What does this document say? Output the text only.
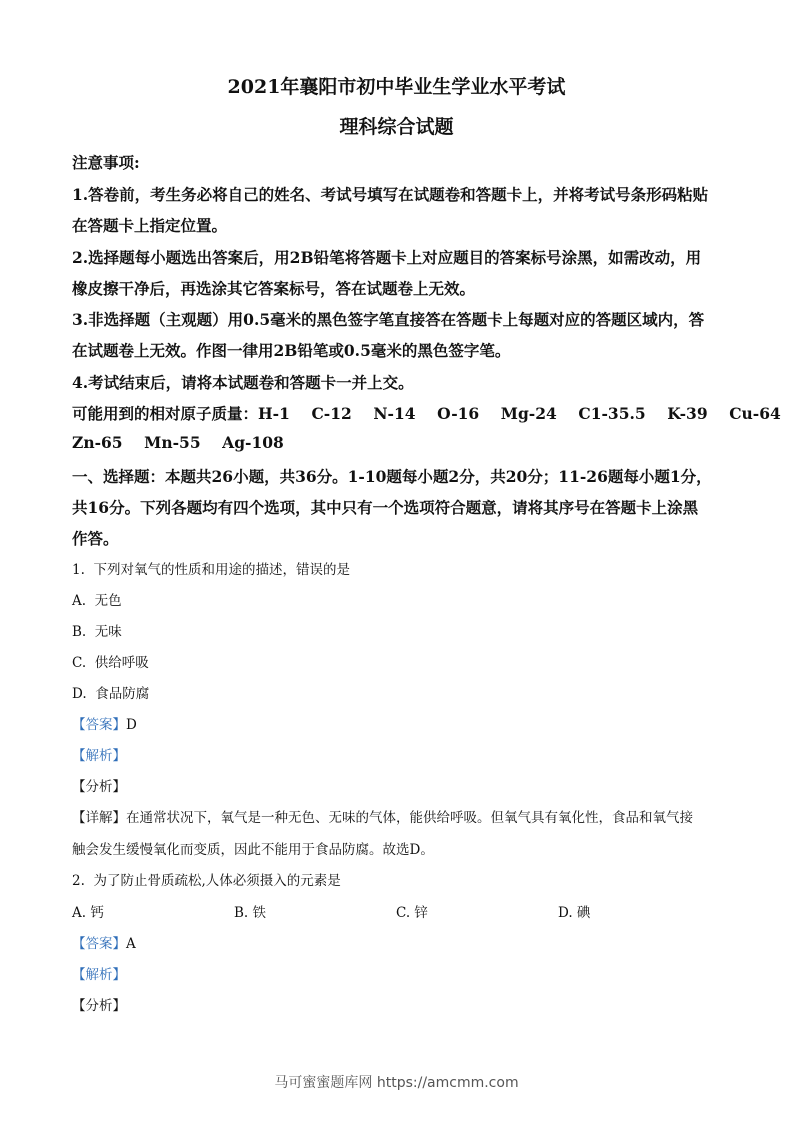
2021年襄阳市初中毕业生学业水平考试
理科综合试题
注意事项:
1.答卷前，考生务必将自己的姓名、考试号填写在试题卷和答题卡上，并将考试号条形码粘贴
在答题卡上指定位置。
2.选择题每小题选出答案后，用2B铅笔将答题卡上对应题目的答案标号涂黑，如需改动，用
橡皮擦干净后，再选涂其它答案标号，答在试题卷上无效。
3.非选择题（主观题）用0.5毫米的黑色签字笔直接答在答题卡上每题对应的答题区域内，答
在试题卷上无效。作图一律用2B铅笔或0.5毫米的黑色签字笔。
4.考试结束后，请将本试题卷和答题卡一并上交。
可能用到的相对原子质量：H-1    C-12    N-14    O-16    Mg-24    C1-35.5    K-39    Cu-64
Zn-65    Mn-55    Ag-108
一、选择题：本题共26小题，共36分。1-10题每小题2分，共20分；11-26题每小题1分，
共16分。下列各题均有四个选项，其中只有一个选项符合题意，请将其序号在答题卡上涂黑
作答。
1.  下列对氧气的性质和用途的描述，错误的是
A.  无色
B.  无味
C.  供给呼吸
D.  食品防腐
【答案】D
【解析】
【分析】
【详解】在通常状况下，氧气是一种无色、无味的气体，能供给呼吸。但氧气具有氧化性，食品和氧气接
触会发生缓慢氧化而变质，因此不能用于食品防腐。故选D。
2.  为了防止骨质疏松,人体必须摄入的元素是
A. 钙	B. 铁	C. 锌	D. 碘
【答案】A
【解析】
【分析】
马可蜜蜜题库网 https://amcmm.com
